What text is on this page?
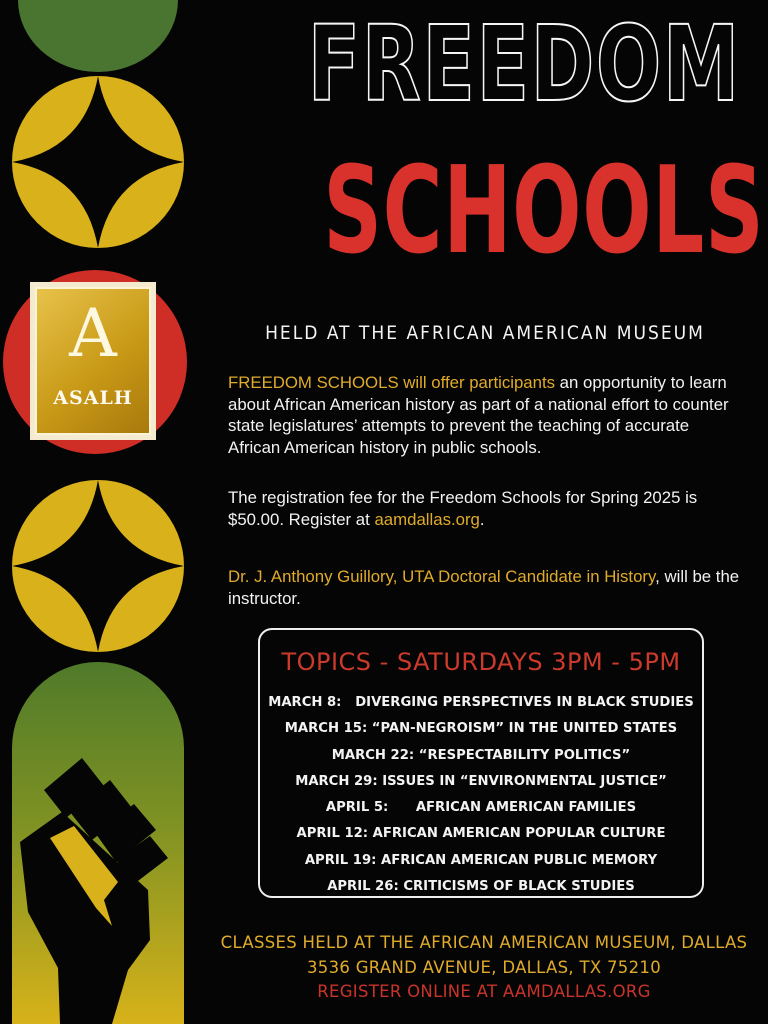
A
ASALH
FREEDOM
SCHOOLS
HELD AT THE AFRICAN AMERICAN MUSEUM
FREEDOM SCHOOLS will offer participants an opportunity to learn about African American history as part of a national effort to counter state legislatures’ attempts to prevent the teaching of accurate African American history in public schools.
The registration fee for the Freedom Schools for Spring 2025 is $50.00. Register at aamdallas.org.
Dr. J. Anthony Guillory, UTA Doctoral Candidate in History, will be the instructor.
TOPICS - SATURDAYS 3PM - 5PM
MARCH 8:   DIVERGING PERSPECTIVES IN BLACK STUDIES
MARCH 15: “PAN-NEGROISM” IN THE UNITED STATES
MARCH 22: “RESPECTABILITY POLITICS”
MARCH 29: ISSUES IN “ENVIRONMENTAL JUSTICE”
APRIL 5:      AFRICAN AMERICAN FAMILIES
APRIL 12: AFRICAN AMERICAN POPULAR CULTURE
APRIL 19: AFRICAN AMERICAN PUBLIC MEMORY
APRIL 26: CRITICISMS OF BLACK STUDIES
CLASSES HELD AT THE AFRICAN AMERICAN MUSEUM, DALLAS
3536 GRAND AVENUE, DALLAS, TX 75210
REGISTER ONLINE AT AAMDALLAS.ORG
